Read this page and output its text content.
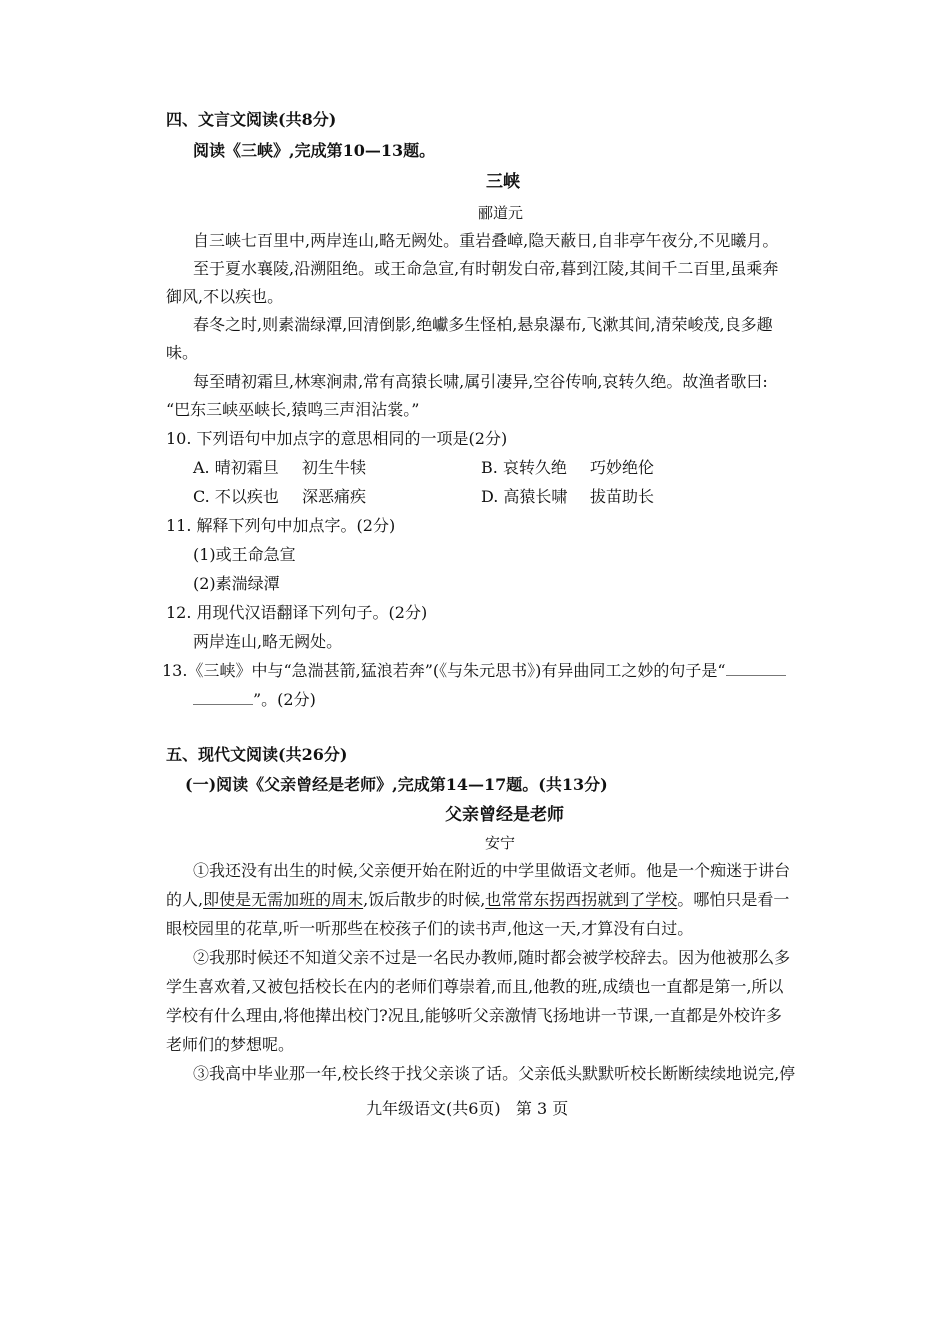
四、文言文阅读(共8分)
阅读《三峡》,完成第10—13题。
三峡
郦道元
自三峡七百里中,两岸连山,略无阙处。重岩叠嶂,隐天蔽日,自非亭午夜分,不见曦月。
至于夏水襄陵,沿溯阻绝。或王命急宣,有时朝发白帝,暮到江陵,其间千二百里,虽乘奔
御风,不以疾也。
春冬之时,则素湍绿潭,回清倒影,绝巘多生怪柏,悬泉瀑布,飞漱其间,清荣峻茂,良多趣
味。
每至晴初霜旦,林寒涧肃,常有高猿长啸,属引凄异,空谷传响,哀转久绝。故渔者歌曰:
“巴东三峡巫峡长,猿鸣三声泪沾裳。”
10. 下列语句中加点字的意思相同的一项是(2分)
A. 晴初霜旦 初生牛犊	B. 哀转久绝 巧妙绝伦
C. 不以疾也 深恶痛疾	D. 高猿长啸 拔苗助长
11. 解释下列句中加点字。(2分)
(1)或王命急宣
(2)素湍绿潭
12. 用现代汉语翻译下列句子。(2分)
两岸连山,略无阙处。
13.《三峡》中与“急湍甚箭,猛浪若奔”(《与朱元思书》)有异曲同工之妙的句子是“
”。(2分)
五、现代文阅读(共26分)
(一)阅读《父亲曾经是老师》,完成第14—17题。(共13分)
父亲曾经是老师
安宁
①我还没有出生的时候,父亲便开始在附近的中学里做语文老师。他是一个痴迷于讲台
的人,即使是无需加班的周末,饭后散步的时候,也常常东拐西拐就到了学校。哪怕只是看一
眼校园里的花草,听一听那些在校孩子们的读书声,他这一天,才算没有白过。
②我那时候还不知道父亲不过是一名民办教师,随时都会被学校辞去。因为他被那么多
学生喜欢着,又被包括校长在内的老师们尊崇着,而且,他教的班,成绩也一直都是第一,所以
学校有什么理由,将他撵出校门?况且,能够听父亲激情飞扬地讲一节课,一直都是外校许多
老师们的梦想呢。
③我高中毕业那一年,校长终于找父亲谈了话。父亲低头默默听校长断断续续地说完,停
九年级语文(共6页)   第 3 页
